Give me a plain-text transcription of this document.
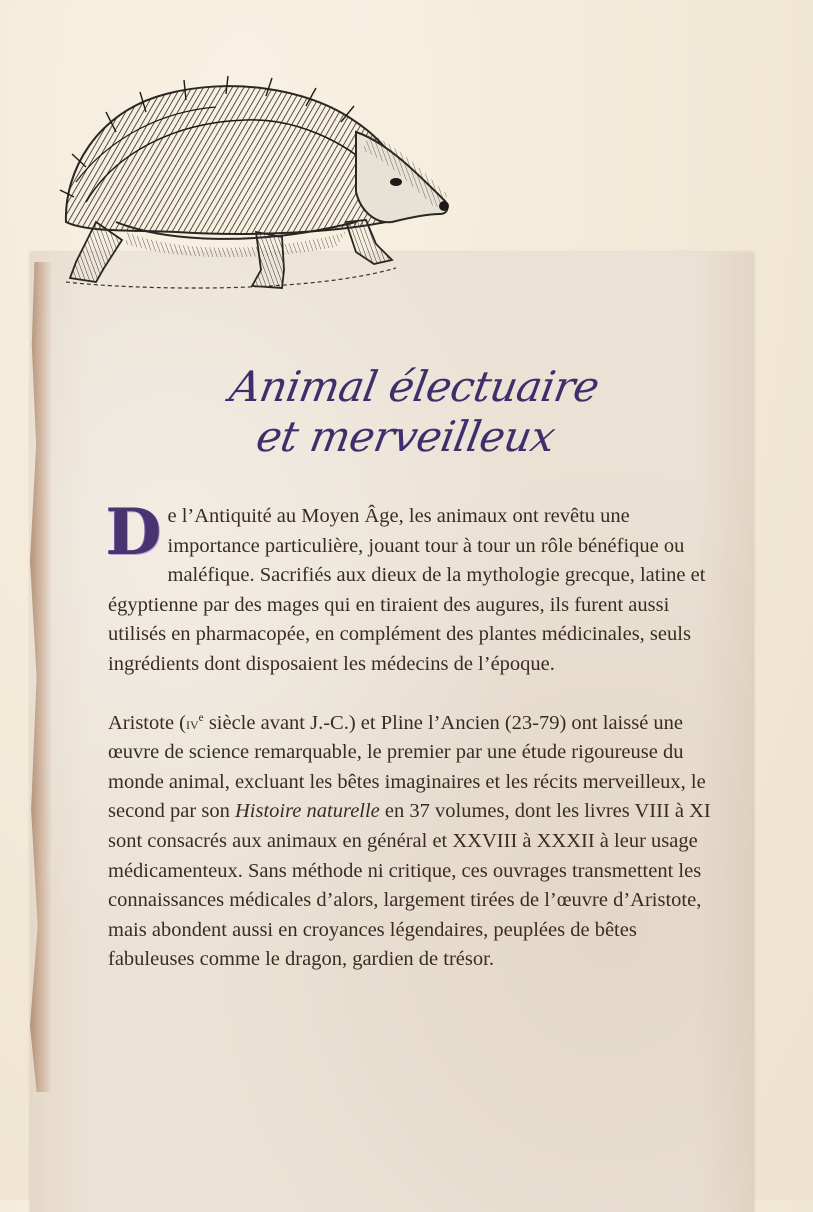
Animal électuaire
et merveilleux

De l’Antiquité au Moyen Âge, les animaux ont revêtu une importance particulière, jouant tour à tour un rôle bénéfique ou maléfique. Sacrifiés aux dieux de la mythologie grecque, latine et égyptienne par des mages qui en tiraient des augures, ils furent aussi utilisés en pharmacopée, en complément des plantes médicinales, seuls ingrédients dont disposaient les médecins de l’époque.

Aristote ($iv^e$ siècle avant J.-C.) et Pline l’Ancien (23-79) ont laissé une œuvre de science remarquable, le premier par une étude rigoureuse du monde animal, excluant les bêtes imaginaires et les récits merveilleux, le second par son Histoire naturelle en 37 volumes, dont les livres VIII à XI sont consacrés aux animaux en général et XXVIII à XXXII à leur usage médicamenteux. Sans méthode ni critique, ces ouvrages transmettent les connaissances médicales d’alors, largement tirées de l’œuvre d’Aristote, mais abondent aussi en croyances légendaires, peuplées de bêtes fabuleuses comme le dragon, gardien de trésor.
